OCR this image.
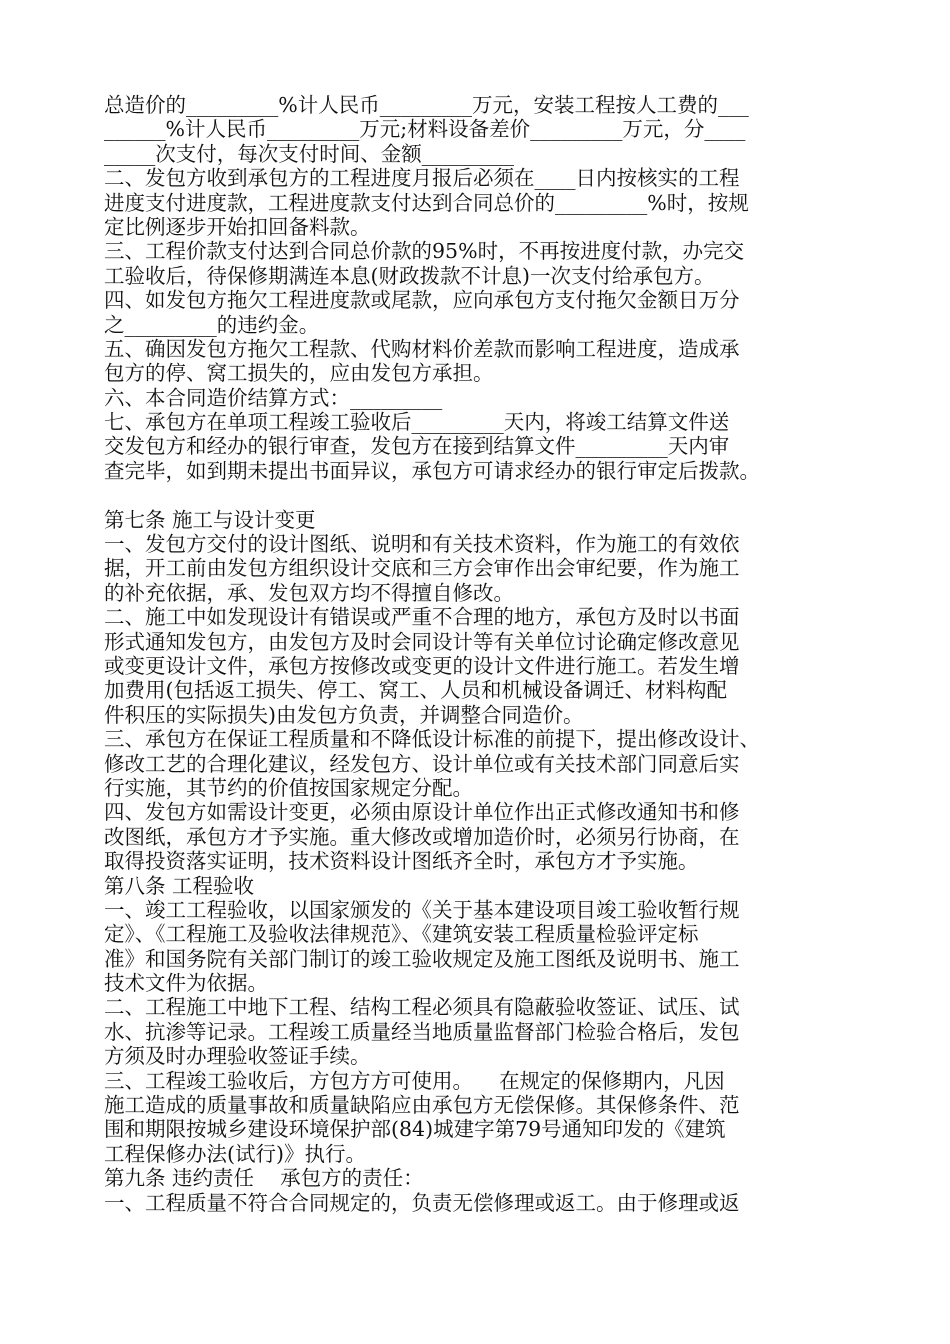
总造价的_________%计人民币_________万元，安装工程按人工费的___
______%计人民币_________万元;材料设备差价_________万元，分____
_____次支付，每次支付时间、金额_________
二、发包方收到承包方的工程进度月报后必须在____日内按核实的工程
进度支付进度款，工程进度款支付达到合同总价的_________%时，按规
定比例逐步开始扣回备料款。
三、工程价款支付达到合同总价款的95%时，不再按进度付款，办完交
工验收后，待保修期满连本息(财政拨款不计息)一次支付给承包方。
四、如发包方拖欠工程进度款或尾款，应向承包方支付拖欠金额日万分
之_________的违约金。
五、确因发包方拖欠工程款、代购材料价差款而影响工程进度，造成承
包方的停、窝工损失的，应由发包方承担。
六、本合同造价结算方式：_________
七、承包方在单项工程竣工验收后_________天内，将竣工结算文件送
交发包方和经办的银行审查，发包方在接到结算文件_________天内审
查完毕，如到期未提出书面异议，承包方可请求经办的银行审定后拨款。
第七条 施工与设计变更
一、发包方交付的设计图纸、说明和有关技术资料，作为施工的有效依
据，开工前由发包方组织设计交底和三方会审作出会审纪要，作为施工
的补充依据，承、发包双方均不得擅自修改。
二、施工中如发现设计有错误或严重不合理的地方，承包方及时以书面
形式通知发包方，由发包方及时会同设计等有关单位讨论确定修改意见
或变更设计文件，承包方按修改或变更的设计文件进行施工。若发生增
加费用(包括返工损失、停工、窝工、人员和机械设备调迁、材料构配
件积压的实际损失)由发包方负责，并调整合同造价。
三、承包方在保证工程质量和不降低设计标准的前提下，提出修改设计、
修改工艺的合理化建议，经发包方、设计单位或有关技术部门同意后实
行实施，其节约的价值按国家规定分配。
四、发包方如需设计变更，必须由原设计单位作出正式修改通知书和修
改图纸，承包方才予实施。重大修改或增加造价时，必须另行协商，在
取得投资落实证明，技术资料设计图纸齐全时，承包方才予实施。
第八条 工程验收
一、竣工工程验收，以国家颁发的《关于基本建设项目竣工验收暂行规
定》、《工程施工及验收法律规范》、《建筑安装工程质量检验评定标
准》和国务院有关部门制订的竣工验收规定及施工图纸及说明书、施工
技术文件为依据。
二、工程施工中地下工程、结构工程必须具有隐蔽验收签证、试压、试
水、抗渗等记录。工程竣工质量经当地质量监督部门检验合格后，发包
方须及时办理验收签证手续。
三、工程竣工验收后，方包方方可使用。    在规定的保修期内，凡因
施工造成的质量事故和质量缺陷应由承包方无偿保修。其保修条件、范
围和期限按城乡建设环境保护部(84)城建字第79号通知印发的《建筑
工程保修办法(试行)》执行。
第九条 违约责任    承包方的责任：
一、工程质量不符合合同规定的，负责无偿修理或返工。由于修理或返
